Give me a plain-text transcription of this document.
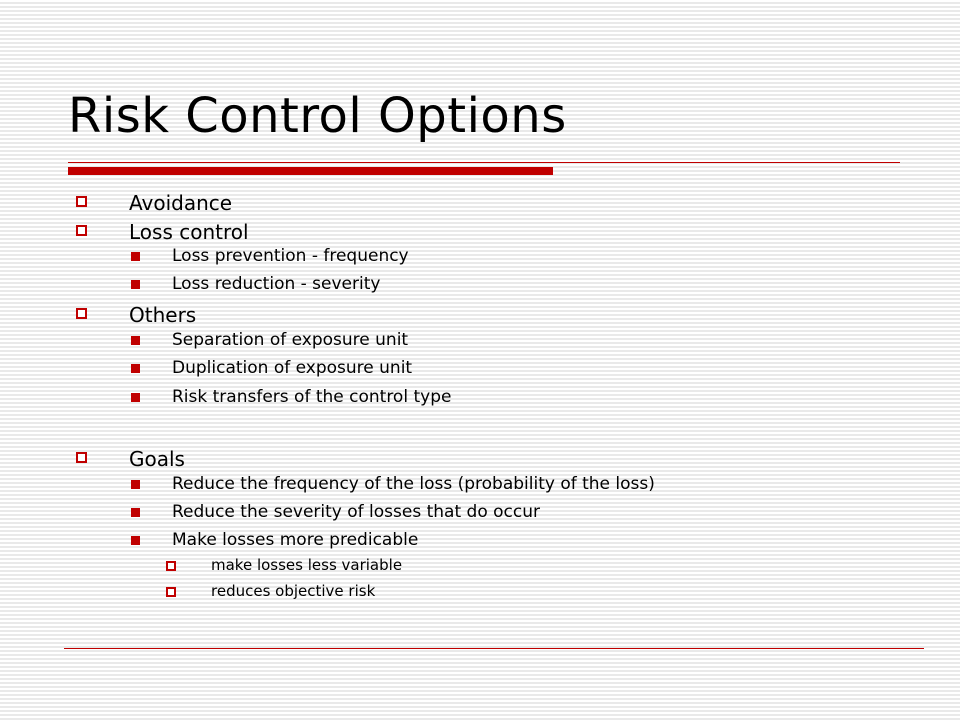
Risk Control Options
Avoidance
Loss control
Loss prevention - frequency
Loss reduction - severity
Others
Separation of exposure unit
Duplication of exposure unit
Risk transfers of the control type
Goals
Reduce the frequency of the loss (probability of the loss)
Reduce the severity of losses that do occur
Make losses more predicable
make losses less variable
reduces objective risk
